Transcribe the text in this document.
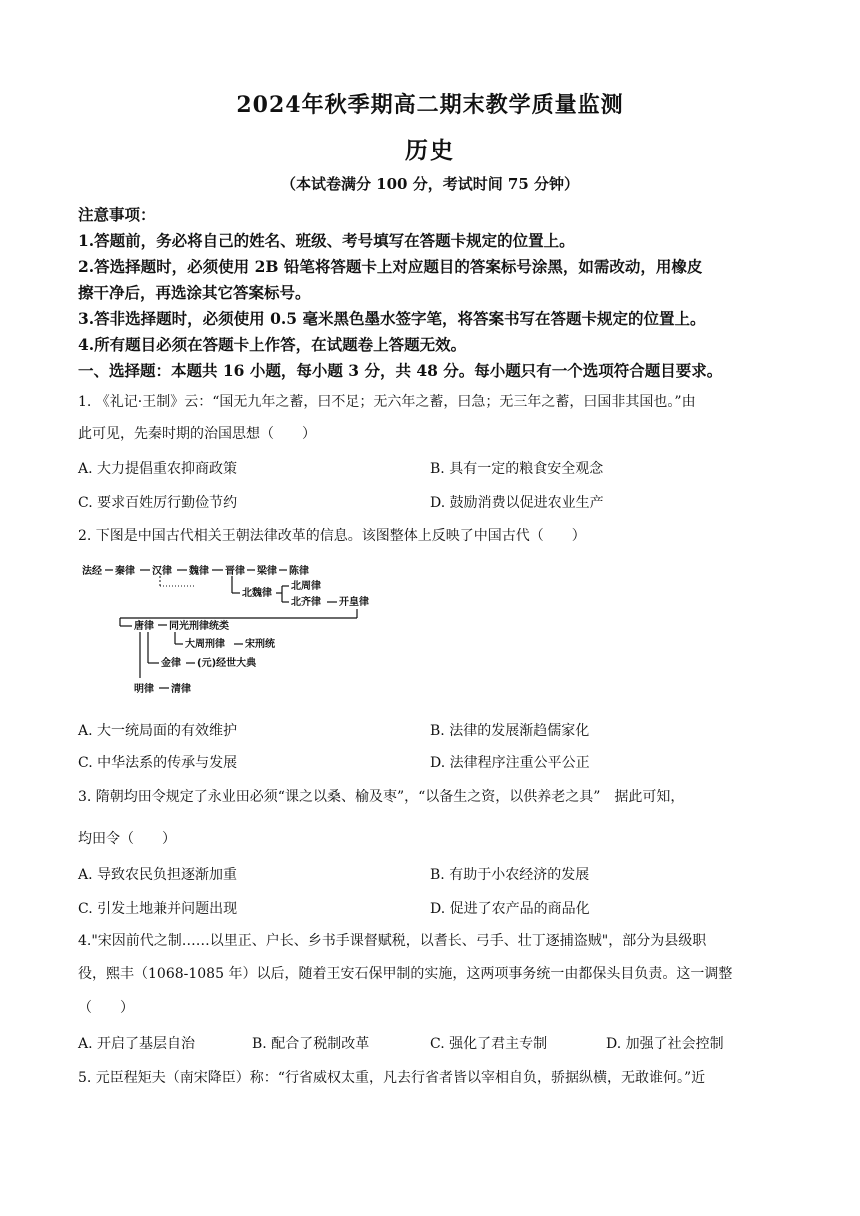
2024年秋季期高二期末教学质量监测
历史
（本试卷满分 100 分，考试时间 75 分钟）
注意事项：
1.答题前，务必将自己的姓名、班级、考号填写在答题卡规定的位置上。
2.答选择题时，必须使用 2B 铅笔将答题卡上对应题目的答案标号涂黑，如需改动，用橡皮
擦干净后，再选涂其它答案标号。
3.答非选择题时，必须使用 0.5 毫米黑色墨水签字笔，将答案书写在答题卡规定的位置上。
4.所有题目必须在答题卡上作答，在试题卷上答题无效。
一、选择题：本题共 16 小题，每小题 3 分，共 48 分。每小题只有一个选项符合题目要求。
1. 《礼记·王制》云：“国无九年之蓄，曰不足；无六年之蓄，曰急；无三年之蓄，曰国非其国也。”由
此可见，先秦时期的治国思想（　　）
A. 大力提倡重农抑商政策	B. 具有一定的粮食安全观念
C. 要求百姓厉行勤俭节约	D. 鼓励消费以促进农业生产
2. 下图是中国古代相关王朝法律改革的信息。该图整体上反映了中国古代（　　）
法经 秦律 汉律 魏律 晋律 梁律 陈律
北魏律
北周律
北齐律 开皇律
唐律 同光刑律统类
大周刑律 宋刑统
金律 (元)经世大典
明律 清律
A. 大一统局面的有效维护	B. 法律的发展渐趋儒家化
C. 中华法系的传承与发展	D. 法律程序注重公平公正
3. 隋朝均田令规定了永业田必须“课之以桑、榆及枣”，“以备生之资，以供养老之具”　据此可知，
均田令（　　）
A. 导致农民负担逐渐加重	B. 有助于小农经济的发展
C. 引发土地兼并问题出现	D. 促进了农产品的商品化
4."宋因前代之制……以里正、户长、乡书手课督赋税，以耆长、弓手、壮丁逐捕盗贼"，部分为县级职
役，熙丰（1068-1085 年）以后，随着王安石保甲制的实施，这两项事务统一由都保头目负责。这一调整
（　　）
A. 开启了基层自治	B. 配合了税制改革	C. 强化了君主专制	D. 加强了社会控制
5. 元臣程矩夫（南宋降臣）称：“行省威权太重，凡去行省者皆以宰相自负，骄据纵横，无敢谁何。”近
